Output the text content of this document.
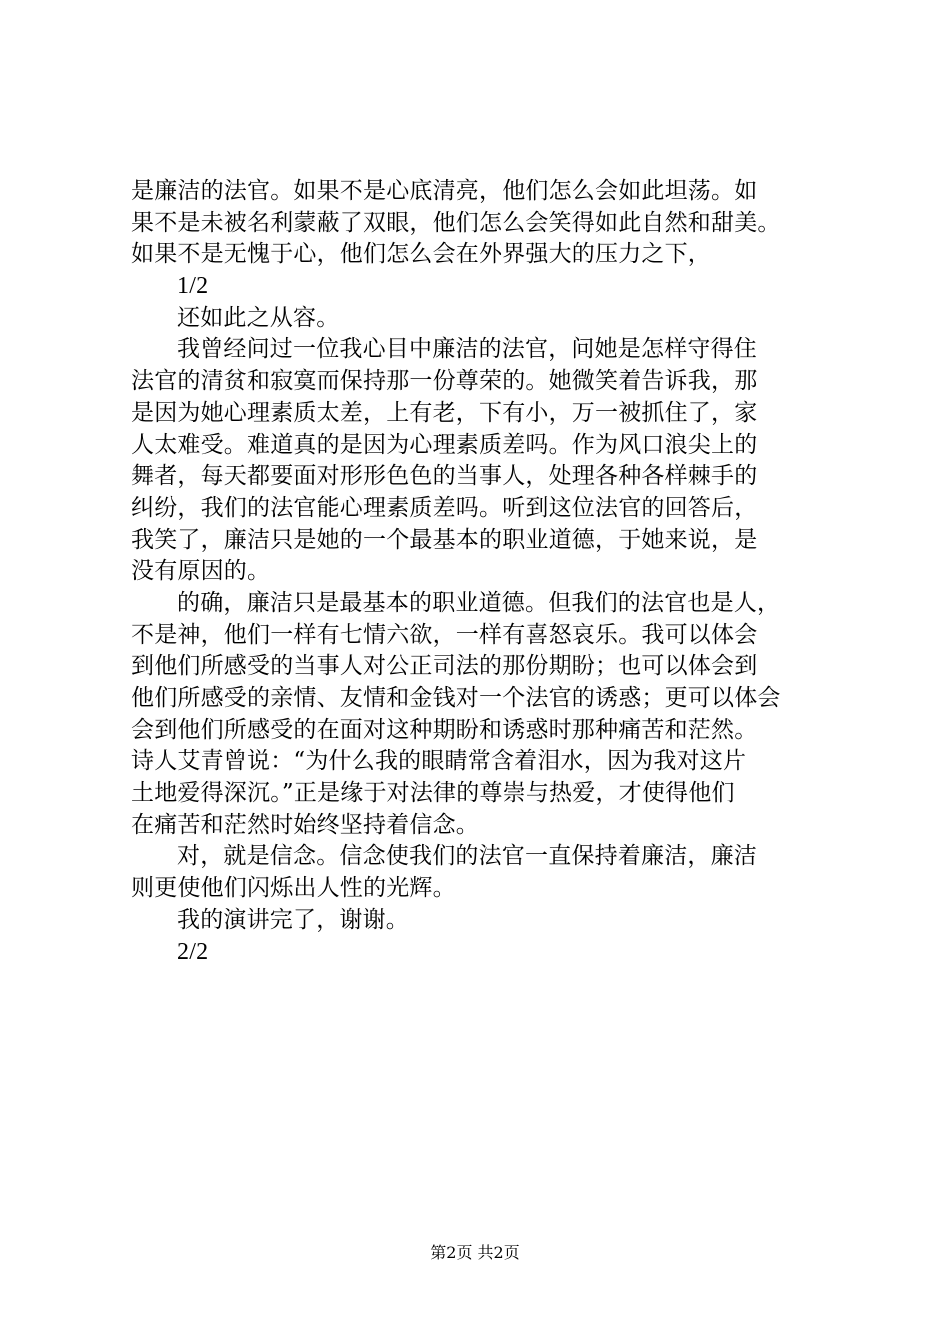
是廉洁的法官。如果不是心底清亮，他们怎么会如此坦荡。如
果不是未被名利蒙蔽了双眼，他们怎么会笑得如此自然和甜美。
如果不是无愧于心，他们怎么会在外界强大的压力之下，
1/2
还如此之从容。
我曾经问过一位我心目中廉洁的法官，问她是怎样守得住
法官的清贫和寂寞而保持那一份尊荣的。她微笑着告诉我，那
是因为她心理素质太差，上有老，下有小，万一被抓住了，家
人太难受。难道真的是因为心理素质差吗。作为风口浪尖上的
舞者，每天都要面对形形色色的当事人，处理各种各样棘手的
纠纷，我们的法官能心理素质差吗。听到这位法官的回答后，
我笑了，廉洁只是她的一个最基本的职业道德，于她来说，是
没有原因的。
的确，廉洁只是最基本的职业道德。但我们的法官也是人，
不是神，他们一样有七情六欲，一样有喜怒哀乐。我可以体会
到他们所感受的当事人对公正司法的那份期盼；也可以体会到
他们所感受的亲情、友情和金钱对一个法官的诱惑；更可以体会
会到他们所感受的在面对这种期盼和诱惑时那种痛苦和茫然。
诗人艾青曾说：“为什么我的眼睛常含着泪水，因为我对这片
土地爱得深沉。”正是缘于对法律的尊崇与热爱，才使得他们
在痛苦和茫然时始终坚持着信念。
对，就是信念。信念使我们的法官一直保持着廉洁，廉洁
则更使他们闪烁出人性的光辉。
我的演讲完了，谢谢。
2/2
第2页 共2页
